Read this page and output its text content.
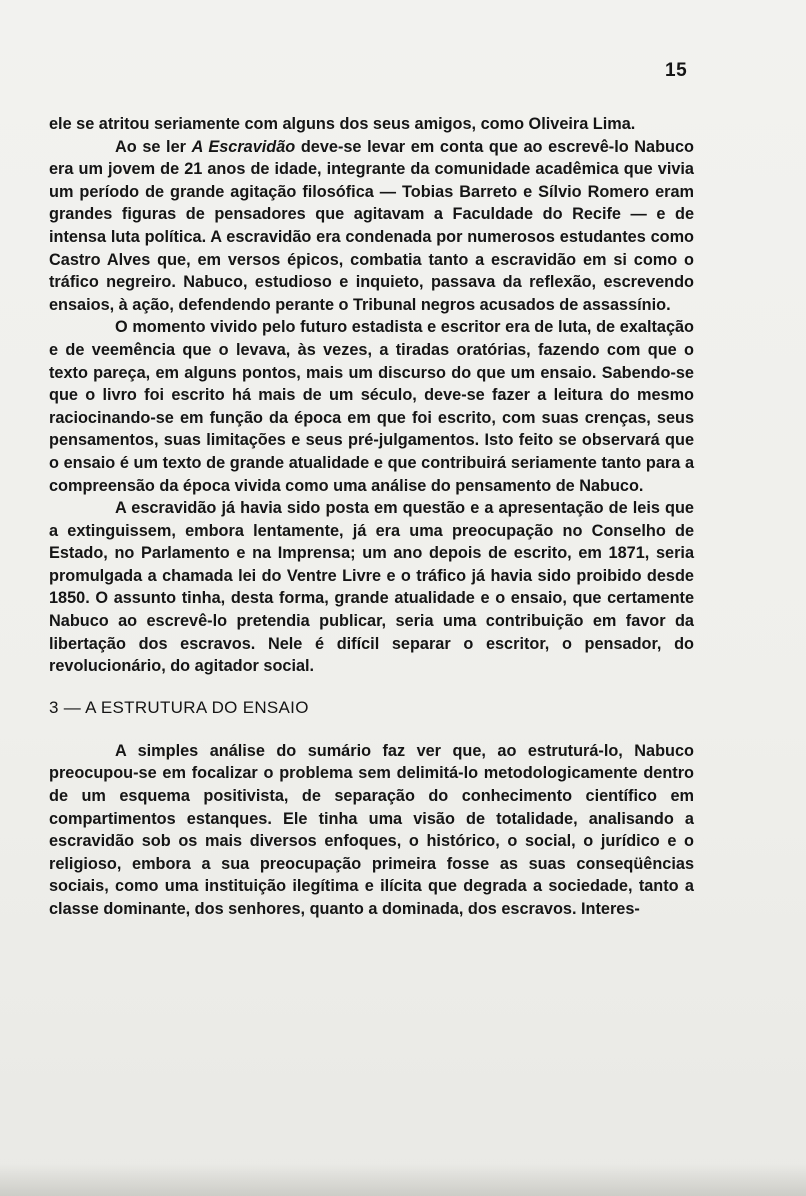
15

ele se atritou seriamente com alguns dos seus amigos, como Oliveira Lima.

Ao se ler A Escravidão deve-se levar em conta que ao escrevê-lo Nabuco era um jovem de 21 anos de idade, integrante da comunidade acadêmica que vivia um período de grande agitação filosófica — Tobias Barreto e Sílvio Romero eram grandes figuras de pensadores que agitavam a Faculdade do Recife — e de intensa luta política. A escravidão era condenada por numerosos estudantes como Castro Alves que, em versos épicos, combatia tanto a escravidão em si como o tráfico negreiro. Nabuco, estudioso e inquieto, passava da reflexão, escrevendo ensaios, à ação, defendendo perante o Tribunal negros acusados de assassínio.

O momento vivido pelo futuro estadista e escritor era de luta, de exaltação e de veemência que o levava, às vezes, a tiradas oratórias, fazendo com que o texto pareça, em alguns pontos, mais um discurso do que um ensaio. Sabendo-se que o livro foi escrito há mais de um século, deve-se fazer a leitura do mesmo raciocinando-se em função da época em que foi escrito, com suas crenças, seus pensamentos, suas limitações e seus pré-julgamentos. Isto feito se observará que o ensaio é um texto de grande atualidade e que contribuirá seriamente tanto para a compreensão da época vivida como uma análise do pensamento de Nabuco.

A escravidão já havia sido posta em questão e a apresentação de leis que a extinguissem, embora lentamente, já era uma preocupação no Conselho de Estado, no Parlamento e na Imprensa; um ano depois de escrito, em 1871, seria promulgada a chamada lei do Ventre Livre e o tráfico já havia sido proibido desde 1850. O assunto tinha, desta forma, grande atualidade e o ensaio, que certamente Nabuco ao escrevê-lo pretendia publicar, seria uma contribuição em favor da libertação dos escravos. Nele é difícil separar o escritor, o pensador, do revolucionário, do agitador social.

3 — A ESTRUTURA DO ENSAIO

A simples análise do sumário faz ver que, ao estruturá-lo, Nabuco preocupou-se em focalizar o problema sem delimitá-lo metodologicamente dentro de um esquema positivista, de separação do conhecimento científico em compartimentos estanques. Ele tinha uma visão de totalidade, analisando a escravidão sob os mais diversos enfoques, o histórico, o social, o jurídico e o religioso, embora a sua preocupação primeira fosse as suas conseqüências sociais, como uma instituição ilegítima e ilícita que degrada a sociedade, tanto a classe dominante, dos senhores, quanto a dominada, dos escravos. Interes-
